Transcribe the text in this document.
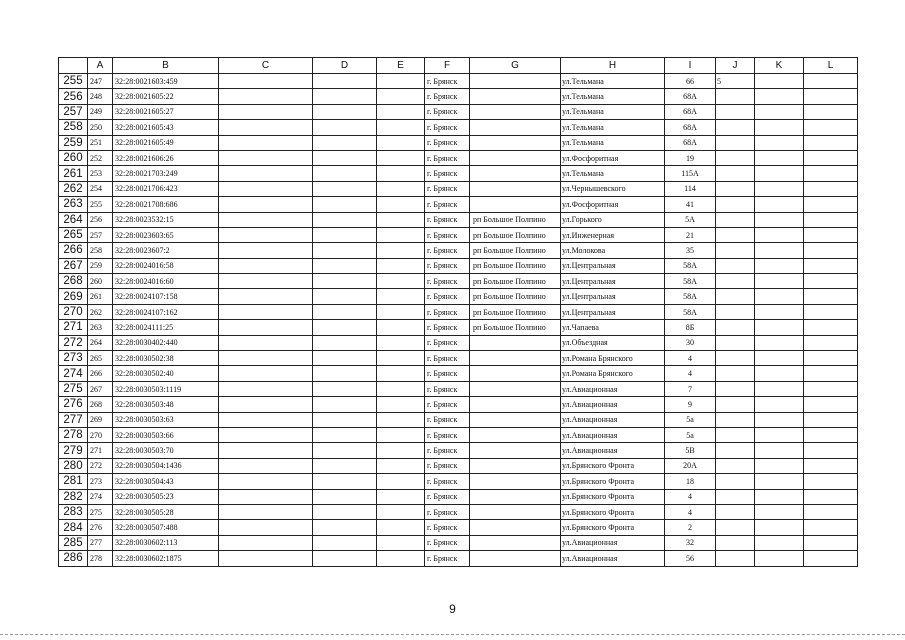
	A	B	C	D	E	F	G	H	I	J	K	L
255	247	32:28:0021603:459				г. Брянск		ул.Тельмана	66	5		
256	248	32:28:0021605:22				г. Брянск		ул.Тельмана	68А			
257	249	32:28:0021605:27				г. Брянск		ул.Тельмана	68А			
258	250	32:28:0021605:43				г. Брянск		ул.Тельмана	68А			
259	251	32:28:0021605:49				г. Брянск		ул.Тельмана	68А			
260	252	32:28:0021606:26				г. Брянск		ул.Фосфоритная	19			
261	253	32:28:0021703:249				г. Брянск		ул.Тельмана	115А			
262	254	32:28:0021706:423				г. Брянск		ул.Чернышевского	114			
263	255	32:28:0021708:686				г. Брянск		ул.Фосфоритная	41			
264	256	32:28:0023532:15				г. Брянск	рп Большое Полпино	ул.Горького	5А			
265	257	32:28:0023603:65				г. Брянск	рп Большое Полпино	ул.Инженерная	21			
266	258	32:28:0023607:2				г. Брянск	рп Большое Полпино	ул.Молокова	35			
267	259	32:28:0024016:58				г. Брянск	рп Большое Полпино	ул.Центральная	58А			
268	260	32:28:0024016:60				г. Брянск	рп Большое Полпино	ул.Центральная	58А			
269	261	32:28:0024107:158				г. Брянск	рп Большое Полпино	ул.Центральная	58А			
270	262	32:28:0024107:162				г. Брянск	рп Большое Полпино	ул.Центральная	58А			
271	263	32:28:0024111:25				г. Брянск	рп Большое Полпино	ул.Чапаева	8Б			
272	264	32:28:0030402:440				г. Брянск		ул.Объездная	30			
273	265	32:28:0030502:38				г. Брянск		ул.Романа Брянского	4			
274	266	32:28:0030502:40				г. Брянск		ул.Романа Брянского	4			
275	267	32:28:0030503:1119				г. Брянск		ул.Авиационная	7			
276	268	32:28:0030503:48				г. Брянск		ул.Авиационная	9			
277	269	32:28:0030503:63				г. Брянск		ул.Авиационная	5а			
278	270	32:28:0030503:66				г. Брянск		ул.Авиационная	5а			
279	271	32:28:0030503:70				г. Брянск		ул.Авиационная	5В			
280	272	32:28:0030504:1436				г. Брянск		ул.Брянского Фронта	20А			
281	273	32:28:0030504:43				г. Брянск		ул.Брянского Фронта	18			
282	274	32:28:0030505:23				г. Брянск		ул.Брянского Фронта	4			
283	275	32:28:0030505:28				г. Брянск		ул.Брянского Фронта	4			
284	276	32:28:0030507:488				г. Брянск		ул.Брянского Фронта	2			
285	277	32:28:0030602:113				г. Брянск		ул.Авиационная	32			
286	278	32:28:0030602:1875				г. Брянск		ул.Авиационная	56			
9
